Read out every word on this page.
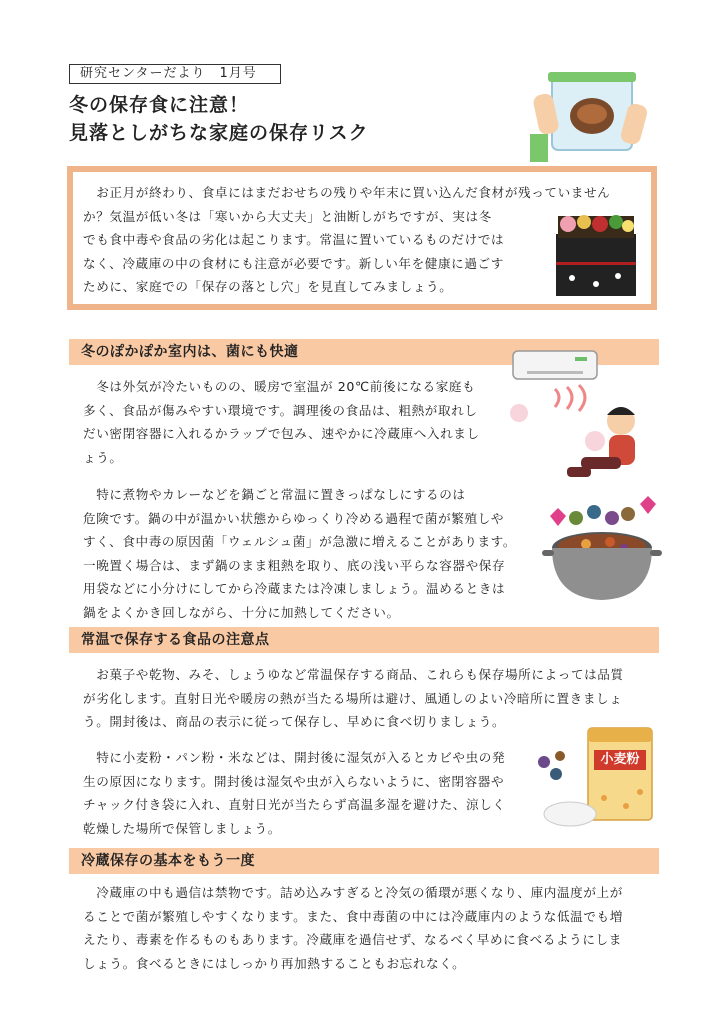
研究センターだより　1月号
冬の保存食に注意！
見落としがちな家庭の保存リスク

　お正月が終わり、食卓にはまだおせちの残りや年末に買い込んだ食材が残っていません

か？気温が低い冬は「寒いから大丈夫」と油断しがちですが、実は冬

でも食中毒や食品の劣化は起こります。常温に置いているものだけでは

なく、冷蔵庫の中の食材にも注意が必要です。新しい年を健康に過ごす

ために、家庭での「保存の落とし穴」を見直してみましょう。

冬のぽかぽか室内は、菌にも快適

　冬は外気が冷たいものの、暖房で室温が 20℃前後になる家庭も

多く、食品が傷みやすい環境です。調理後の食品は、粗熱が取れし

だい密閉容器に入れるかラップで包み、速やかに冷蔵庫へ入れまし

ょう。

　特に煮物やカレーなどを鍋ごと常温に置きっぱなしにするのは

危険です。鍋の中が温かい状態からゆっくり冷める過程で菌が繁殖しや

すく、食中毒の原因菌「ウェルシュ菌」が急激に増えることがあります。

一晩置く場合は、まず鍋のまま粗熱を取り、底の浅い平らな容器や保存

用袋などに小分けにしてから冷蔵または冷凍しましょう。温めるときは

鍋をよくかき回しながら、十分に加熱してください。

常温で保存する食品の注意点

　お菓子や乾物、みそ、しょうゆなど常温保存する商品、これらも保存場所によっては品質

が劣化します。直射日光や暖房の熱が当たる場所は避け、風通しのよい冷暗所に置きましょ

う。開封後は、商品の表示に従って保存し、早めに食べ切りましょう。

　特に小麦粉・パン粉・米などは、開封後に湿気が入るとカビや虫の発

生の原因になります。開封後は湿気や虫が入らないように、密閉容器や

チャック付き袋に入れ、直射日光が当たらず高温多湿を避けた、涼しく

乾燥した場所で保管しましょう。

小麦粉
冷蔵保存の基本をもう一度

　冷蔵庫の中も過信は禁物です。詰め込みすぎると冷気の循環が悪くなり、庫内温度が上が

ることで菌が繁殖しやすくなります。また、食中毒菌の中には冷蔵庫内のような低温でも増

えたり、毒素を作るものもあります。冷蔵庫を過信せず、なるべく早めに食べるようにしま

しょう。食べるときにはしっかり再加熱することもお忘れなく。
